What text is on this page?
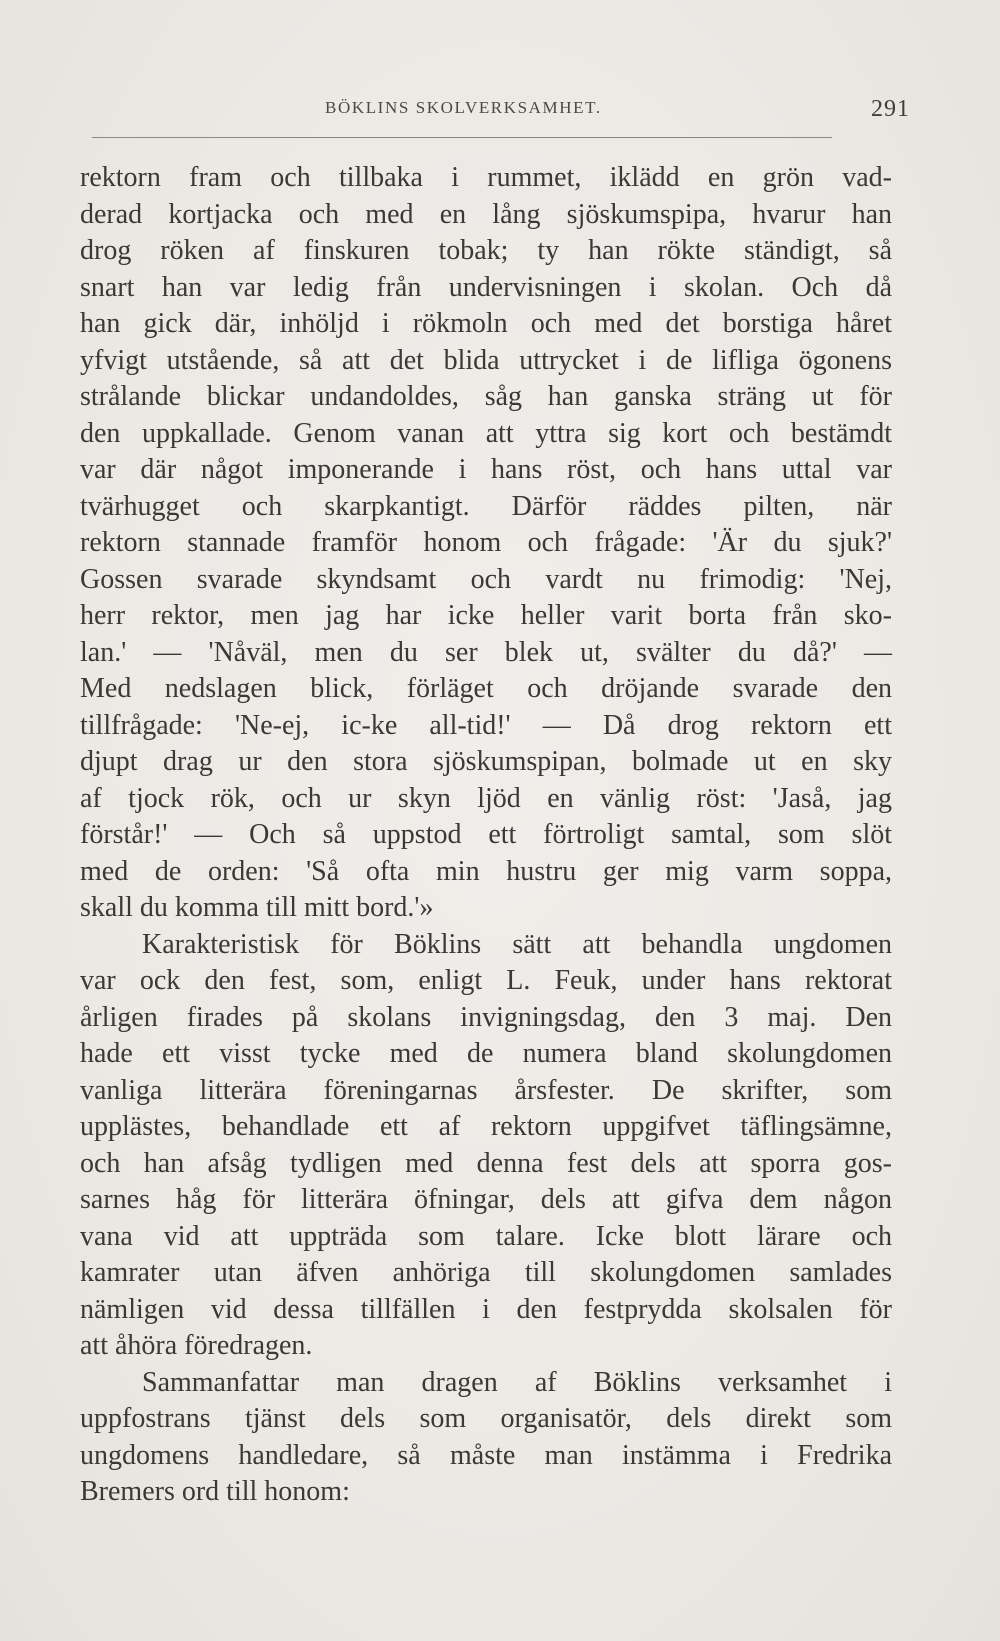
BÖKLINS SKOLVERKSAMHET.	291
rektorn fram och tillbaka i rummet, iklädd en grön vad-
derad kortjacka och med en lång sjöskumspipa, hvarur han
drog röken af finskuren tobak; ty han rökte ständigt, så
snart han var ledig från undervisningen i skolan. Och då
han gick där, inhöljd i rökmoln och med det borstiga håret
yfvigt utstående, så att det blida uttrycket i de lifliga ögonens
strålande blickar undandoldes, såg han ganska sträng ut för
den uppkallade. Genom vanan att yttra sig kort och bestämdt
var där något imponerande i hans röst, och hans uttal var
tvärhugget och skarpkantigt. Därför räddes pilten, när
rektorn stannade framför honom och frågade: 'Är du sjuk?'
Gossen svarade skyndsamt och vardt nu frimodig: 'Nej,
herr rektor, men jag har icke heller varit borta från sko-
lan.' — 'Nåväl, men du ser blek ut, svälter du då?' —
Med nedslagen blick, förläget och dröjande svarade den
tillfrågade: 'Ne-ej, ic-ke all-tid!' — Då drog rektorn ett
djupt drag ur den stora sjöskumspipan, bolmade ut en sky
af tjock rök, och ur skyn ljöd en vänlig röst: 'Jaså, jag
förstår!' — Och så uppstod ett förtroligt samtal, som slöt
med de orden: 'Så ofta min hustru ger mig varm soppa,
skall du komma till mitt bord.'»
Karakteristisk för Böklins sätt att behandla ungdomen
var ock den fest, som, enligt L. Feuk, under hans rektorat
årligen firades på skolans invigningsdag, den 3 maj. Den
hade ett visst tycke med de numera bland skolungdomen
vanliga litterära föreningarnas årsfester. De skrifter, som
upplästes, behandlade ett af rektorn uppgifvet täflingsämne,
och han afsåg tydligen med denna fest dels att sporra gos-
sarnes håg för litterära öfningar, dels att gifva dem någon
vana vid att uppträda som talare. Icke blott lärare och
kamrater utan äfven anhöriga till skolungdomen samlades
nämligen vid dessa tillfällen i den festprydda skolsalen för
att åhöra föredragen.
Sammanfattar man dragen af Böklins verksamhet i
uppfostrans tjänst dels som organisatör, dels direkt som
ungdomens handledare, så måste man instämma i Fredrika
Bremers ord till honom:
